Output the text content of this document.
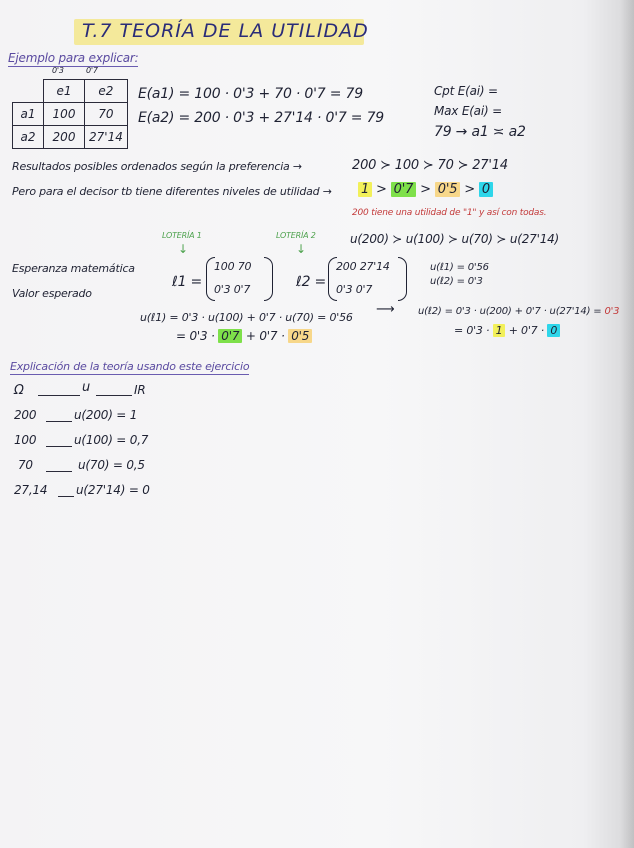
T.7 TEORÍA DE LA UTILIDAD
Ejemplo para explicar:
0'3	0'7
	e1	e2
a1	100	70
a2	200	27'14
E(a1) = 100 · 0'3 + 70 · 0'7 = 79
E(a2) = 200 · 0'3 + 27'14 · 0'7 = 79
Cpt E(ai) =
Max E(ai) =
79 → a1 ≍ a2
Resultados posibles ordenados según la preferencia →	200 ≻ 100 ≻ 70 ≻ 27'14
Pero para el decisor tb tiene diferentes niveles de utilidad → 1 > 0'7 > 0'5 > 0
200 tiene una utilidad de "1" y así con todas.
u(200) ≻ u(100) ≻ u(70) ≻ u(27'14)
LOTERÍA 1
↓
LOTERÍA 2
↓
Esperanza matemática
Valor esperado
ℓ1 =
100 70
0'3 0'7	ℓ2 =
200 27'14
0'3 0'7
u(ℓ1) = 0'56
u(ℓ2) = 0'3
u(ℓ1) = 0'3 · u(100) + 0'7 · u(70) = 0'56
= 0'3 · 0'7 + 0'7 · 0'5
⟶ u(ℓ2) = 0'3 · u(200) + 0'7 · u(27'14) = 0'3
= 0'3 · 1 + 0'7 · 0
Explicación de la teoría usando este ejercicio
Ω	u	IR
200	u(200) = 1
100	u(100) = 0,7
70	u(70) = 0,5
27,14 u(27'14) = 0
